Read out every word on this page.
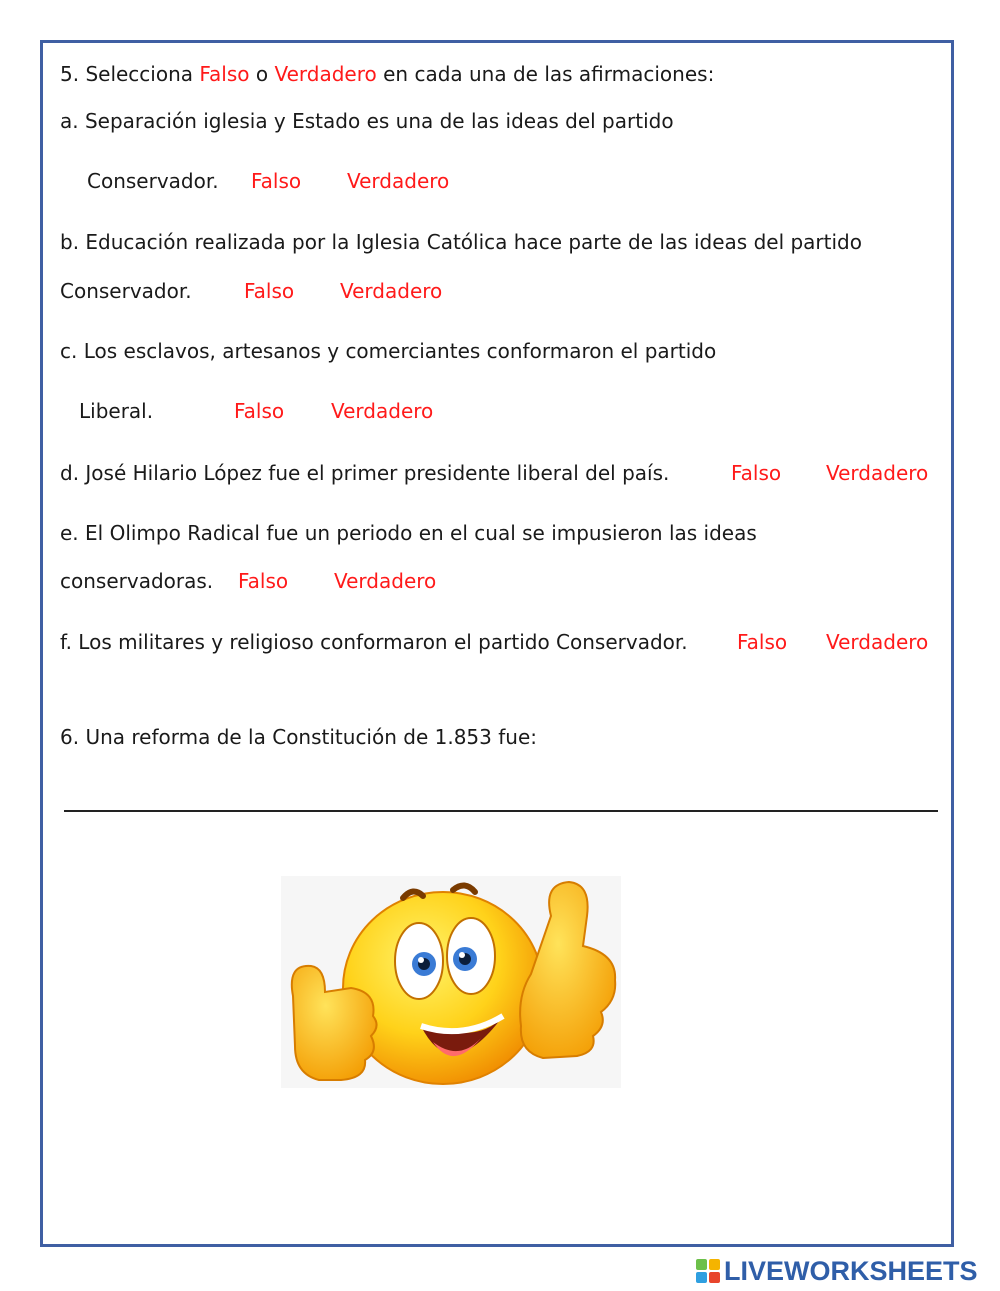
5. Selecciona Falso o Verdadero en cada una de las afirmaciones:
a. Separación iglesia y Estado es una de las ideas del partido
Conservador. Falso Verdadero
b. Educación realizada por la Iglesia Católica hace parte de las ideas del partido
Conservador.	Falso Verdadero
c. Los esclavos, artesanos y comerciantes conformaron el partido
Liberal.	Falso Verdadero
d. José Hilario López fue el primer presidente liberal del país.	Falso Verdadero
e. El Olimpo Radical fue un periodo en el cual se impusieron las ideas
conservadoras. Falso Verdadero
f. Los militares y religioso conformaron el partido Conservador. Falso Verdadero
6. Una reforma de la Constitución de 1.853 fue:
LIVEWORKSHEETS
